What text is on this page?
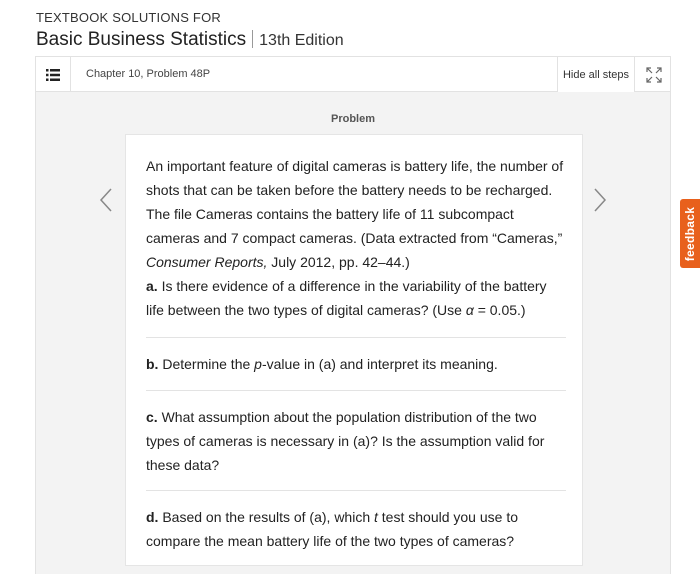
TEXTBOOK SOLUTIONS FOR
Basic Business Statistics 13th Edition
Chapter 10, Problem 48P	Hide all steps
Problem

An important feature of digital cameras is battery life, the number of shots that can be taken before the battery needs to be recharged. The file Cameras contains the battery life of 11 subcompact cameras and 7 compact cameras. (Data extracted from “Cameras,” Consumer Reports, July 2012, pp. 42–44.)

a. Is there evidence of a difference in the variability of the battery life between the two types of digital cameras? (Use α = 0.05.)

b. Determine the p-value in (a) and interpret its meaning.

c. What assumption about the population distribution of the two types of cameras is necessary in (a)? Is the assumption valid for these data?

d. Based on the results of (a), which t test should you use to compare the mean battery life of the two types of cameras?

feedback
